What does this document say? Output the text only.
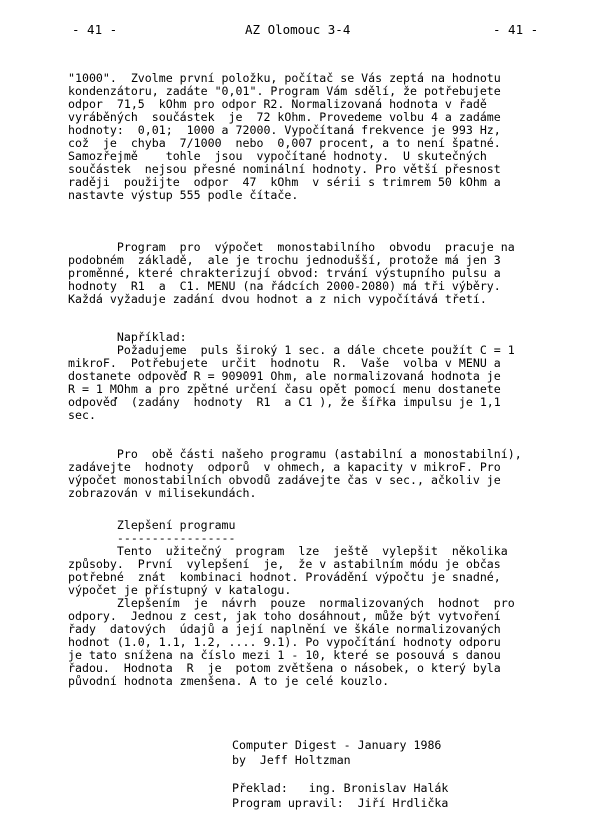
- 41 -	AZ Olomouc 3-4	- 41 -
"1000".  Zvolme první položku, počítač se Vás zeptá na hodnotu
kondenzátoru, zadáte "0,01". Program Vám sdělí, že potřebujete
odpor  71,5  kOhm pro odpor R2. Normalizovaná hodnota v řadě
vyráběných  součástek  je  72 kOhm. Provedeme volbu 4 a zadáme
hodnoty:  0,01;  1000 a 72000. Vypočítaná frekvence je 993 Hz,
což  je  chyba  7/1000  nebo  0,007 procent, a to není špatné.
Samozřejmě    tohle  jsou  vypočítané hodnoty.  U skutečných
součástek  nejsou přesné nominální hodnoty. Pro větší přesnost
raději  použijte  odpor  47  kOhm  v sérii s trimrem 50 kOhm a
nastavte výstup 555 podle čítače.
Program  pro  výpočet  monostabilního  obvodu  pracuje na
podobném  základě,  ale je trochu jednodušší, protože má jen 3
proměnné, které chrakterizují obvod: trvání výstupního pulsu a
hodnoty  R1  a  C1. MENU (na řádcích 2000-2080) má tři výběry.
Každá vyžaduje zadání dvou hodnot a z nich vypočítává třetí.
Například:
Požadujeme  puls široký 1 sec. a dále chcete použít C = 1
mikroF.  Potřebujete  určit  hodnotu  R.  Vaše  volba v MENU a
dostanete odpověď R = 909091 Ohm, ale normalizovaná hodnota je
R = 1 MOhm a pro zpětné určení času opět pomocí menu dostanete
odpověď  (zadány  hodnoty  R1  a C1 ), že šířka impulsu je 1,1
sec.
Pro  obě části našeho programu (astabilní a monostabilní),
zadávejte  hodnoty  odporů  v ohmech, a kapacity v mikroF. Pro
výpočet monostabilních obvodů zadávejte čas v sec., ačkoliv je
zobrazován v milisekundách.
Zlepšení programu
-----------------
Tento  užitečný  program  lze  ještě  vylepšit  několika
způsoby.  První  vylepšení  je,  že v astabilním módu je občas
potřebné  znát  kombinaci hodnot. Provádění výpočtu je snadné,
výpočet je přístupný v katalogu.
Zlepšením  je  návrh  pouze  normalizovaných  hodnot  pro
odpory.  Jednou z cest, jak toho dosáhnout, může být vytvoření
řady  datových  údajů a její naplnění ve škále normalizovaných
hodnot (1.0, 1.1, 1.2, .... 9.1). Po vypočítání hodnoty odporu
je tato snížena na číslo mezi 1 - 10, které se posouvá s danou
řadou.  Hodnota  R  je  potom zvětšena o násobek, o který byla
původní hodnota zmenšena. A to je celé kouzlo.
Computer Digest - January 1986
by  Jeff Holtzman
Překlad:   ing. Bronislav Halák
Program upravil:  Jiří Hrdlička
